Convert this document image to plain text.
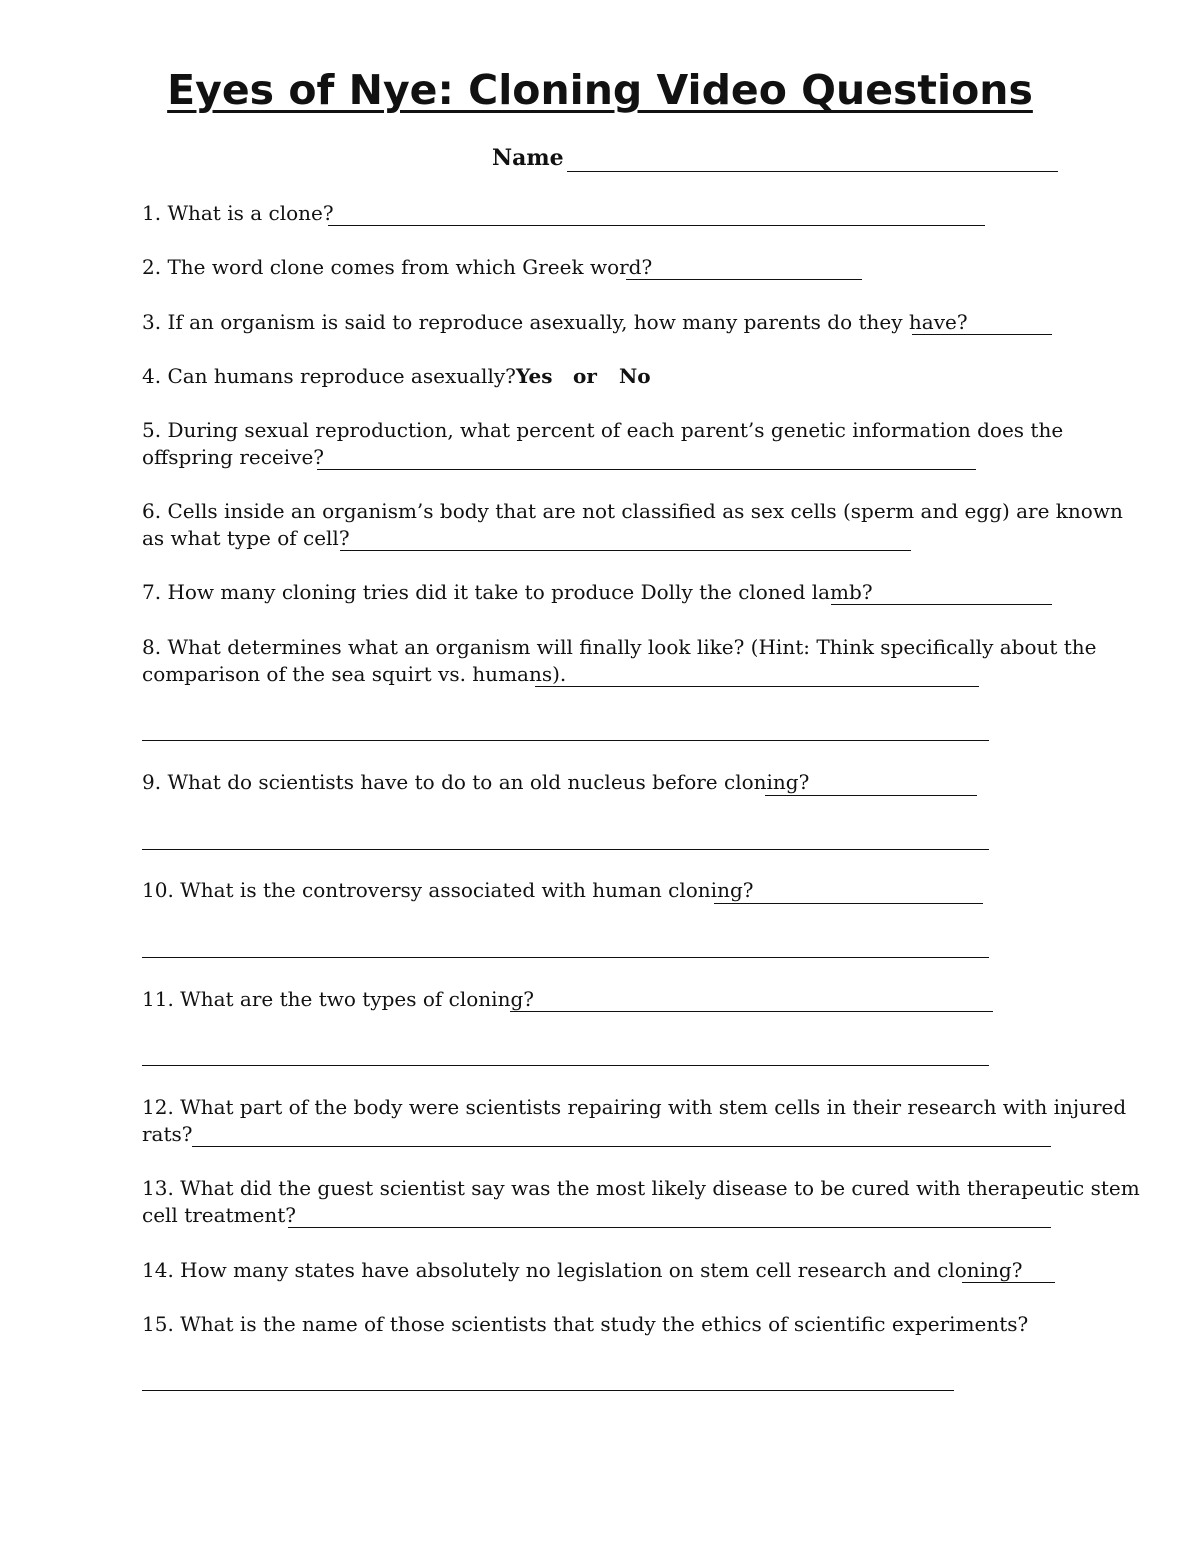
Eyes of Nye: Cloning Video Questions
Name
1. What is a clone?
2. The word clone comes from which Greek word?
3. If an organism is said to reproduce asexually, how many parents do they have?
4. Can humans reproduce asexually? Yes or No
5. During sexual reproduction, what percent of each parent’s genetic information does the
offspring receive?
6. Cells inside an organism’s body that are not classified as sex cells (sperm and egg) are known
as what type of cell?
7. How many cloning tries did it take to produce Dolly the cloned lamb?
8. What determines what an organism will finally look like? (Hint: Think specifically about the
comparison of the sea squirt vs. humans).
9. What do scientists have to do to an old nucleus before cloning?
10. What is the controversy associated with human cloning?
11. What are the two types of cloning?
12. What part of the body were scientists repairing with stem cells in their research with injured
rats?
13. What did the guest scientist say was the most likely disease to be cured with therapeutic stem
cell treatment?
14. How many states have absolutely no legislation on stem cell research and cloning?
15. What is the name of those scientists that study the ethics of scientific experiments?
